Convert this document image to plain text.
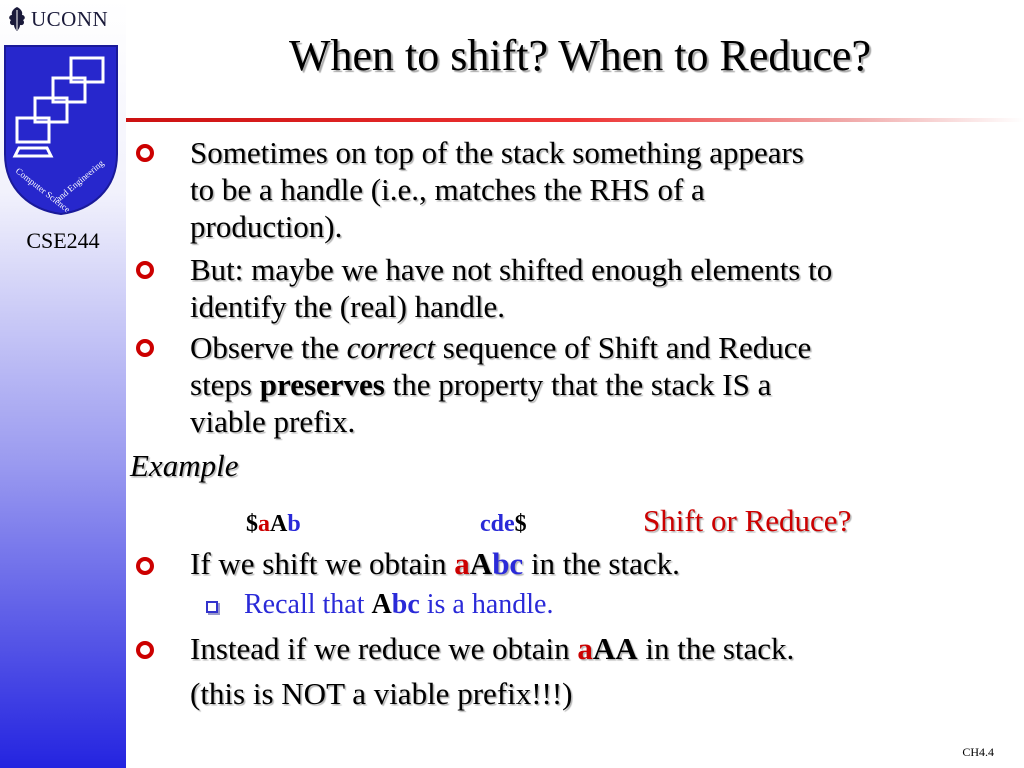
UCONN
Computer Science
and Engineering
CSE244
When to shift? When to Reduce?
Sometimes on top of the stack something appears
to be a handle (i.e., matches the RHS of a
production).
But: maybe we have not shifted enough elements to
identify the (real) handle.
Observe the correct sequence of Shift and Reduce
steps preserves the property that the stack IS a
viable prefix.
Example
$aAb	cde$	Shift or Reduce?
If we shift we obtain aAbc in the stack.
Recall that Abc is a handle.
Instead if we reduce we obtain aAA in the stack.
(this is NOT a viable prefix!!!)
CH4.4
